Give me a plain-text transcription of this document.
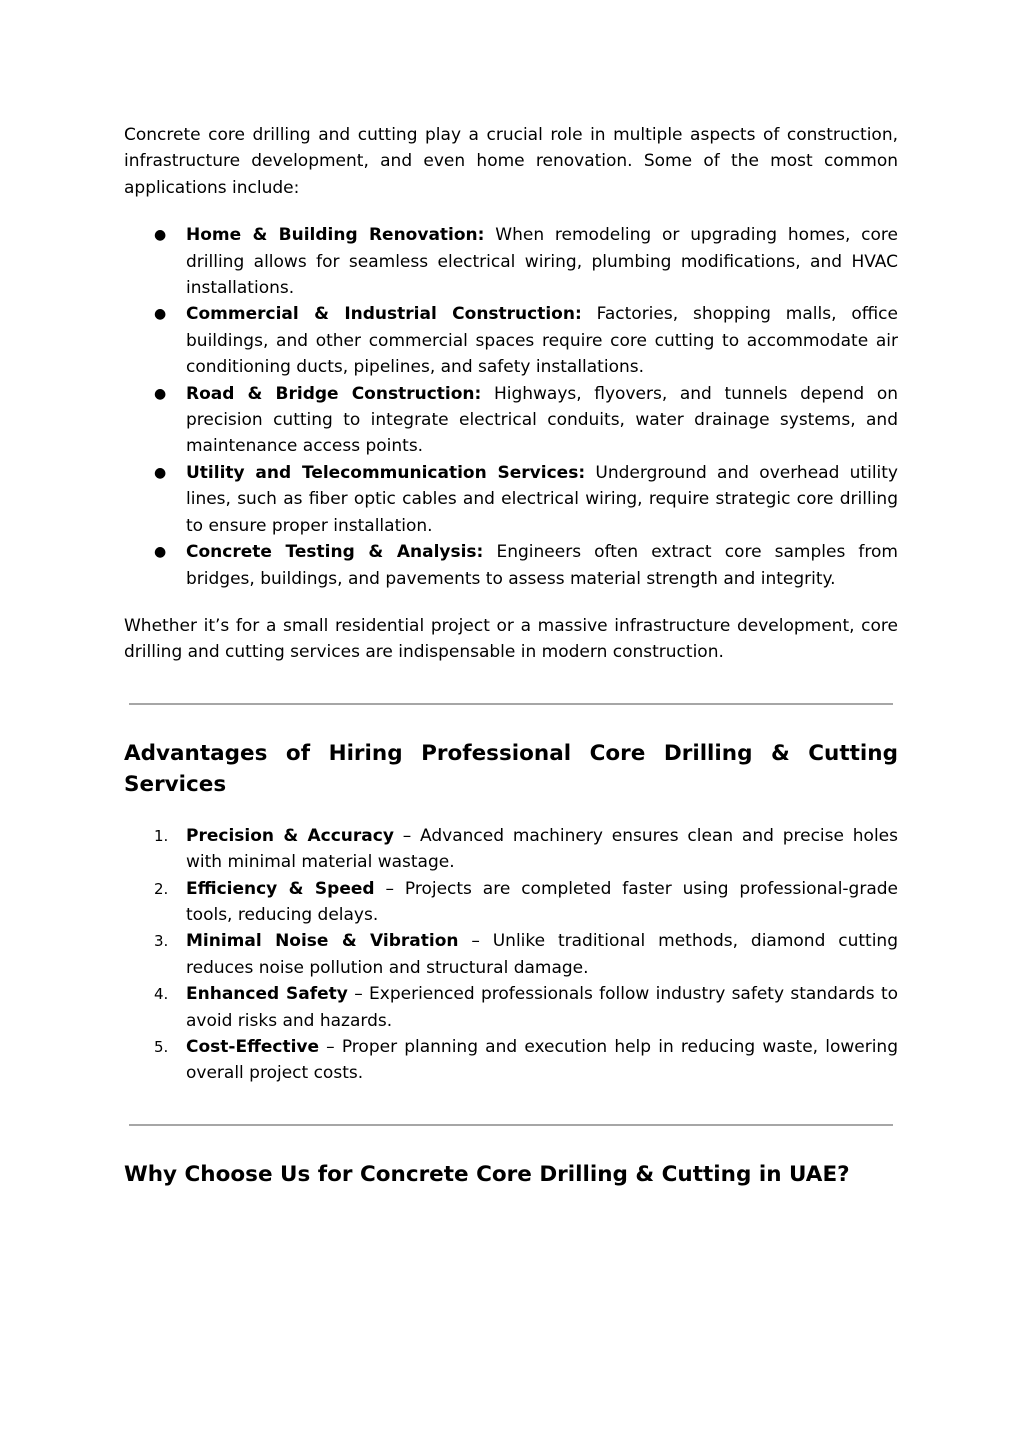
Concrete core drilling and cutting play a crucial role in multiple aspects of construction, infrastructure development, and even home renovation. Some of the most common applications include:

● Home & Building Renovation: When remodeling or upgrading homes, core drilling allows for seamless electrical wiring, plumbing modifications, and HVAC installations.
● Commercial & Industrial Construction: Factories, shopping malls, office buildings, and other commercial spaces require core cutting to accommodate air conditioning ducts, pipelines, and safety installations.
● Road & Bridge Construction: Highways, flyovers, and tunnels depend on precision cutting to integrate electrical conduits, water drainage systems, and maintenance access points.
● Utility and Telecommunication Services: Underground and overhead utility lines, such as fiber optic cables and electrical wiring, require strategic core drilling to ensure proper installation.
● Concrete Testing & Analysis: Engineers often extract core samples from bridges, buildings, and pavements to assess material strength and integrity.

Whether it’s for a small residential project or a massive infrastructure development, core drilling and cutting services are indispensable in modern construction.

Advantages of Hiring Professional Core Drilling & Cutting Services
1. Precision & Accuracy – Advanced machinery ensures clean and precise holes with minimal material wastage.
2. Efficiency & Speed – Projects are completed faster using professional-grade tools, reducing delays.
3. Minimal Noise & Vibration – Unlike traditional methods, diamond cutting reduces noise pollution and structural damage.
4. Enhanced Safety – Experienced professionals follow industry safety standards to avoid risks and hazards.
5. Cost-Effective – Proper planning and execution help in reducing waste, lowering overall project costs.
Why Choose Us for Concrete Core Drilling & Cutting in UAE?
